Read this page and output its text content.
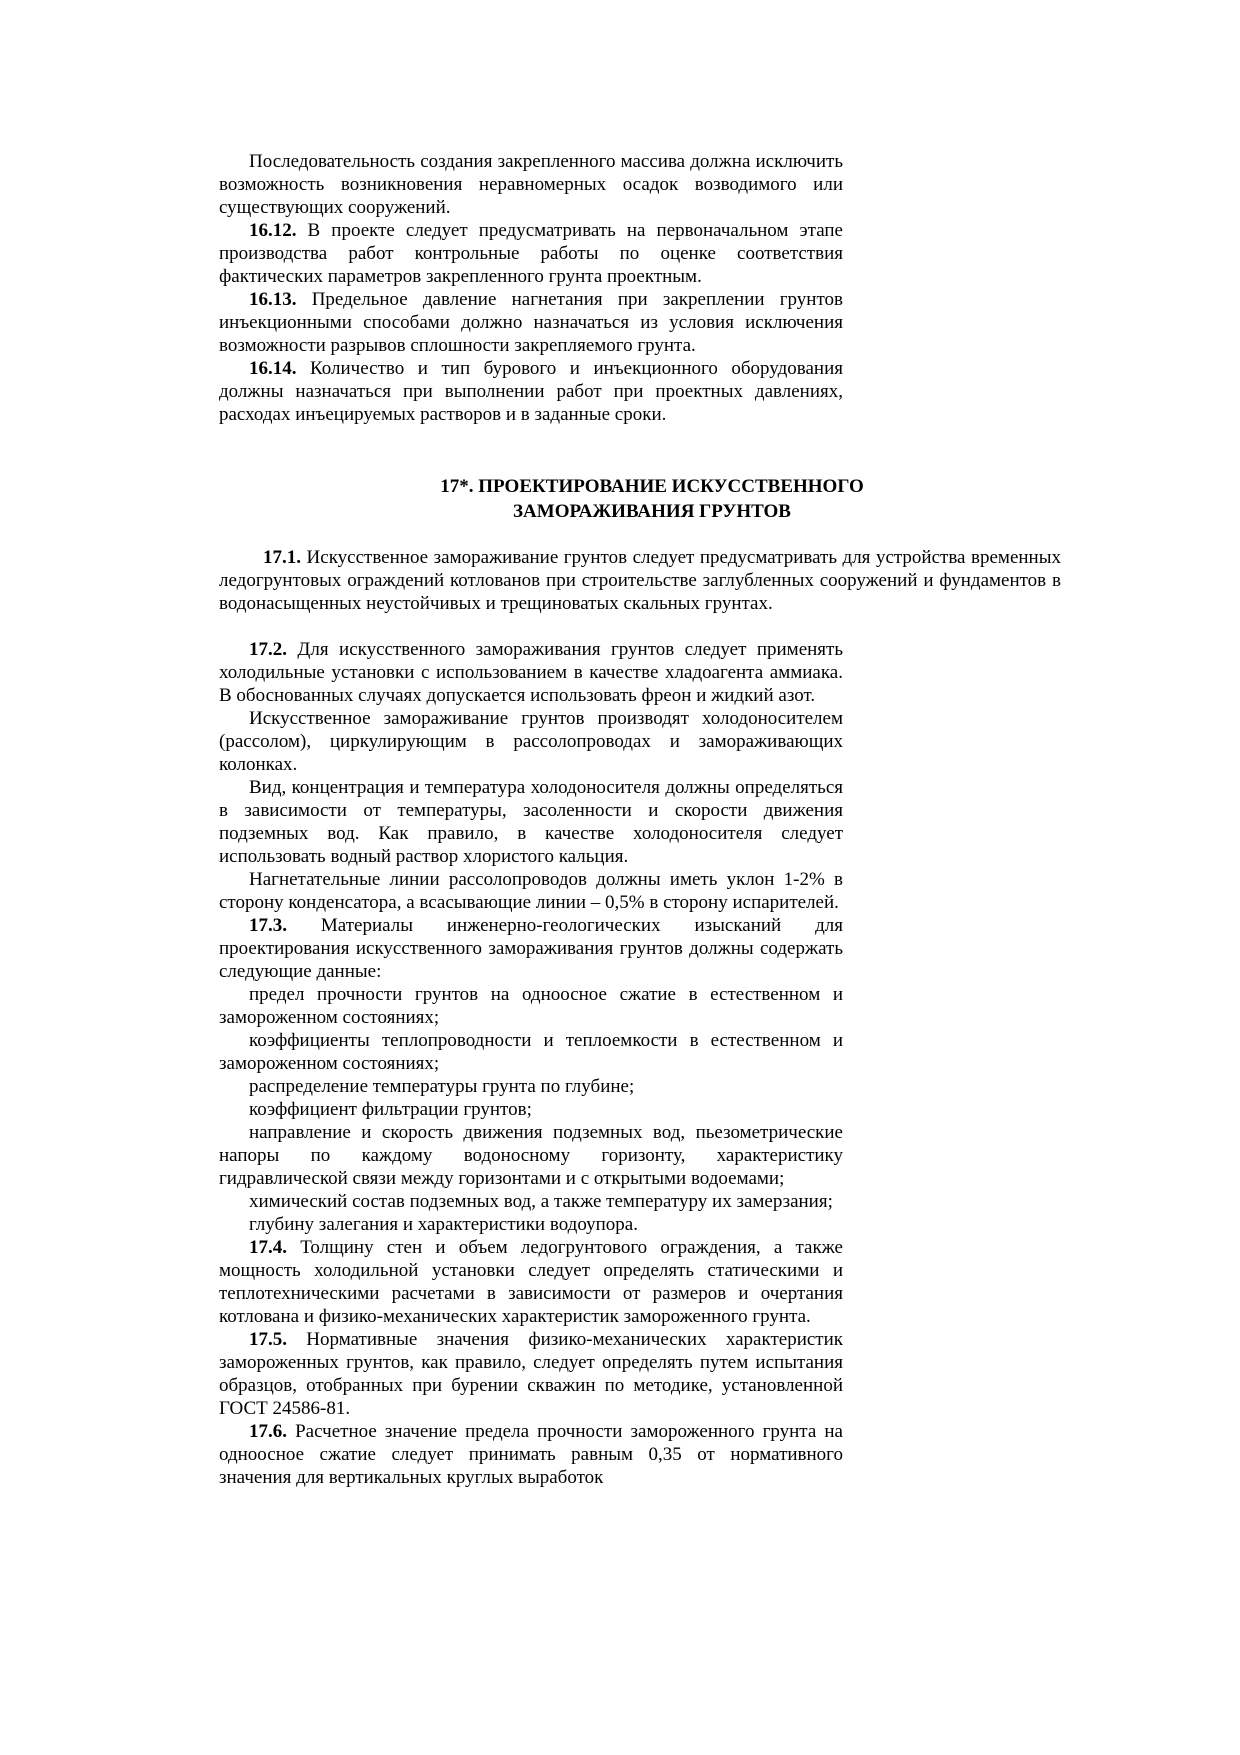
Последовательность создания закрепленного массива должна исключить возможность возникновения неравномерных осадок возводимого или существующих сооружений.

16.12. В проекте следует предусматривать на первоначальном этапе производства работ контрольные работы по оценке соответствия фактических параметров закрепленного грунта проектным.

16.13. Предельное давление нагнетания при закреплении грунтов инъекционными способами должно назначаться из условия исключения возможности разрывов сплошности закрепляемого грунта.

16.14. Количество и тип бурового и инъекционного оборудования должны назначаться при выполнении работ при проектных давлениях, расходах инъецируемых растворов и в заданные сроки.

17*. ПРОЕКТИРОВАНИЕ ИСКУССТВЕННОГО
ЗАМОРАЖИВАНИЯ ГРУНТОВ

17.1. Искусственное замораживание грунтов следует предусматривать для устройства временных ледогрунтовых ограждений котлованов при строительстве заглубленных сооружений и фундаментов в водонасыщенных неустойчивых и трещиноватых скальных грунтах.

17.2. Для искусственного замораживания грунтов следует применять холодильные установки с использованием в качестве хладоагента аммиака. В обоснованных случаях допускается использовать фреон и жидкий азот.

Искусственное замораживание грунтов производят холодоносителем (рассолом), циркулирующим в рассолопроводах и замораживающих колонках.

Вид, концентрация и температура холодоносителя должны определяться в зависимости от температуры, засоленности и скорости движения подземных вод. Как правило, в качестве холодоносителя следует использовать водный раствор хлористого кальция.

Нагнетательные линии рассолопроводов должны иметь уклон 1-2% в сторону конденсатора, а всасывающие линии – 0,5% в сторону испарителей.

17.3. Материалы инженерно-геологических изысканий для проектирования искусственного замораживания грунтов должны содержать следующие данные:

предел прочности грунтов на одноосное сжатие в естественном и замороженном состояниях;

коэффициенты теплопроводности и теплоемкости в естественном и замороженном состояниях;

распределение температуры грунта по глубине;

коэффициент фильтрации грунтов;

направление и скорость движения подземных вод, пьезометрические напоры по каждому водоносному горизонту, характеристику гидравлической связи между горизонтами и с открытыми водоемами;

химический состав подземных вод, а также температуру их замерзания;

глубину залегания и характеристики водоупора.

17.4. Толщину стен и объем ледогрунтового ограждения, а также мощность холодильной установки следует определять статическими и теплотехническими расчетами в зависимости от размеров и очертания котлована и физико-механических характеристик замороженного грунта.

17.5. Нормативные значения физико-механических характеристик замороженных грунтов, как правило, следует определять путем испытания образцов, отобранных при бурении скважин по методике, установленной ГОСТ 24586-81.

17.6. Расчетное значение предела прочности замороженного грунта на одноосное сжатие следует принимать равным 0,35 от нормативного значения для вертикальных круглых выработок
